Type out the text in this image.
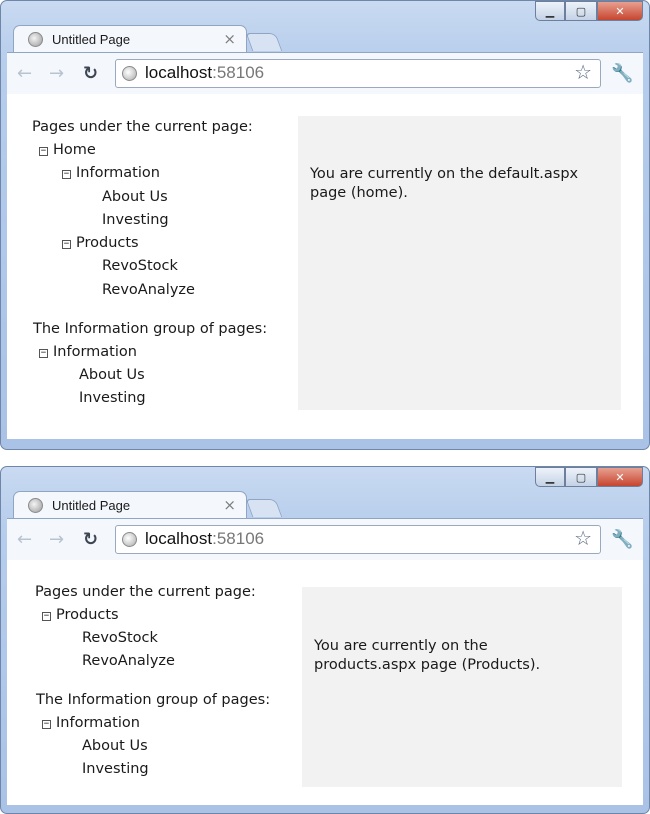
▁	▢	✕
Untitled Page	×
← → ↻	localhost:58106	☆ 🔧
Pages under the current page:
− Home
− Information
About Us
Investing
− Products
RevoStock
RevoAnalyze
The Information group of pages:
− Information
About Us
Investing
You are currently on the default.aspx
page (home).
▁	▢	✕
Untitled Page	×
← → ↻	localhost:58106	☆ 🔧
Pages under the current page:
− Products
RevoStock
RevoAnalyze
The Information group of pages:
− Information
About Us
Investing
You are currently on the
products.aspx page (Products).
